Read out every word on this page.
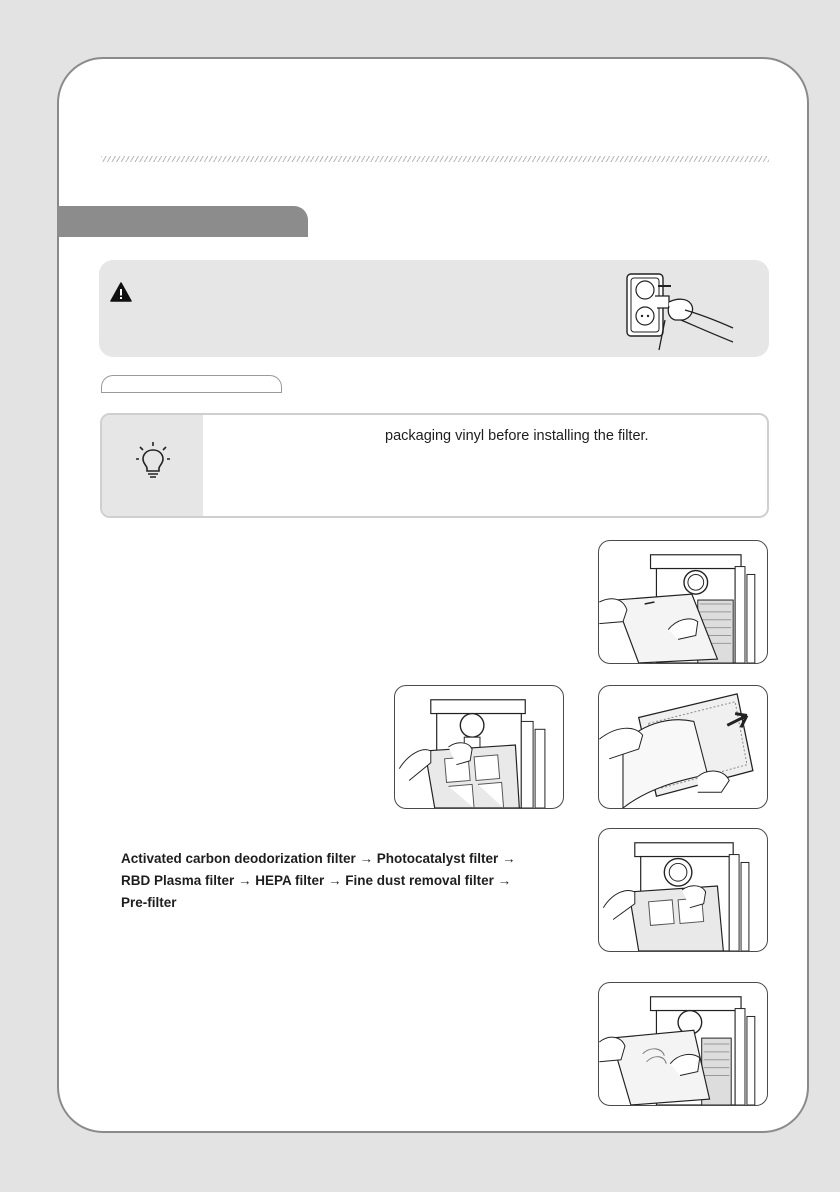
packaging vinyl before installing the filter.
Activated carbon deodorization filter → Photocatalyst filter →
RBD Plasma filter → HEPA filter → Fine dust removal filter →
Pre-filter
